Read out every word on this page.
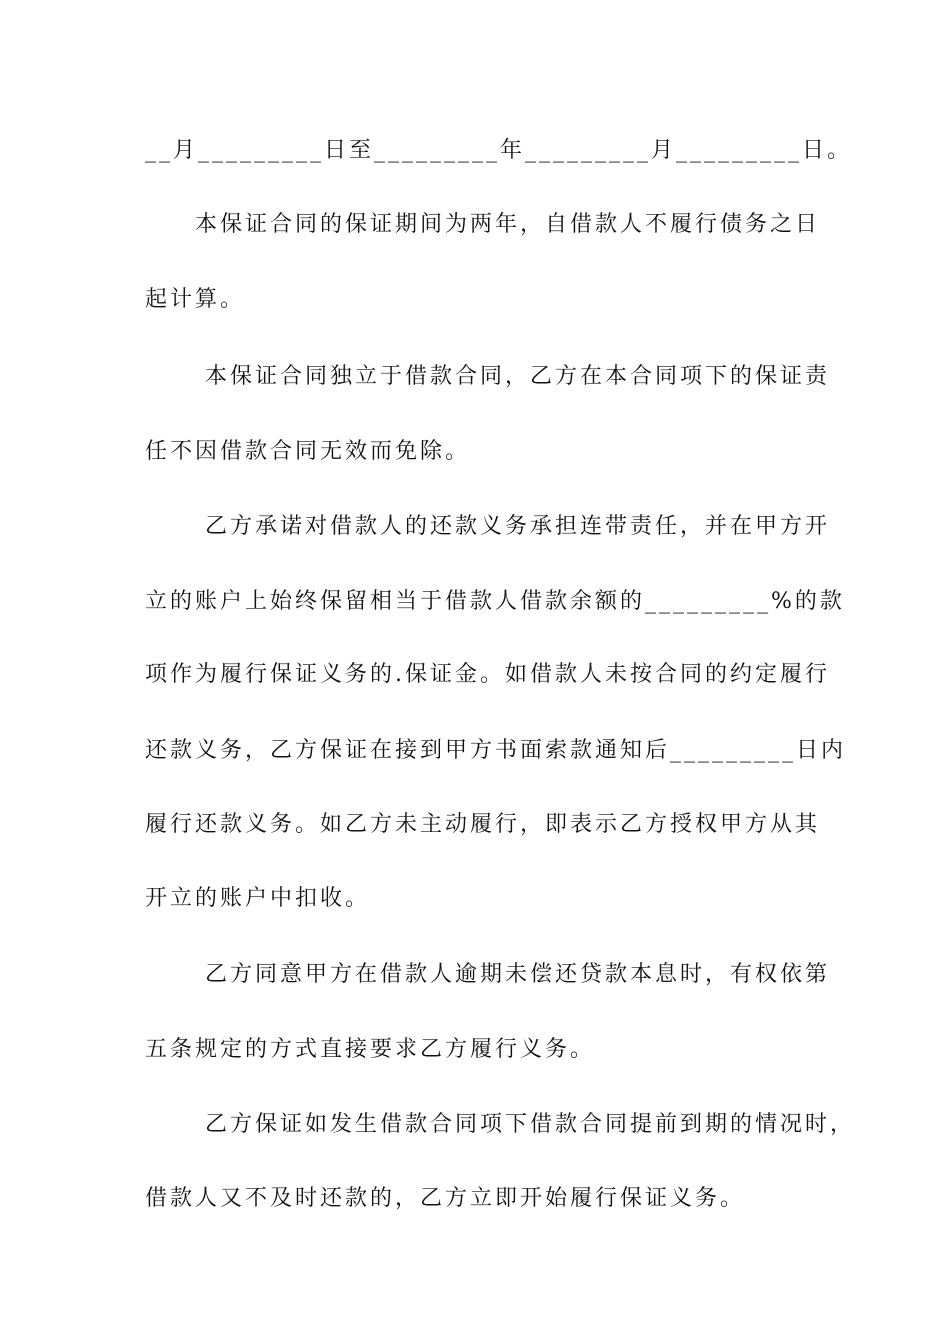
__月_________日至_________年_________月_________日。
本保证合同的保证期间为两年，自借款人不履行债务之日
起计算。
本保证合同独立于借款合同，乙方在本合同项下的保证责
任不因借款合同无效而免除。
乙方承诺对借款人的还款义务承担连带责任，并在甲方开
立的账户上始终保留相当于借款人借款余额的_________%的款
项作为履行保证义务的.保证金。如借款人未按合同的约定履行
还款义务，乙方保证在接到甲方书面索款通知后_________日内
履行还款义务。如乙方未主动履行，即表示乙方授权甲方从其
开立的账户中扣收。
乙方同意甲方在借款人逾期未偿还贷款本息时，有权依第
五条规定的方式直接要求乙方履行义务。
乙方保证如发生借款合同项下借款合同提前到期的情况时，
借款人又不及时还款的，乙方立即开始履行保证义务。
